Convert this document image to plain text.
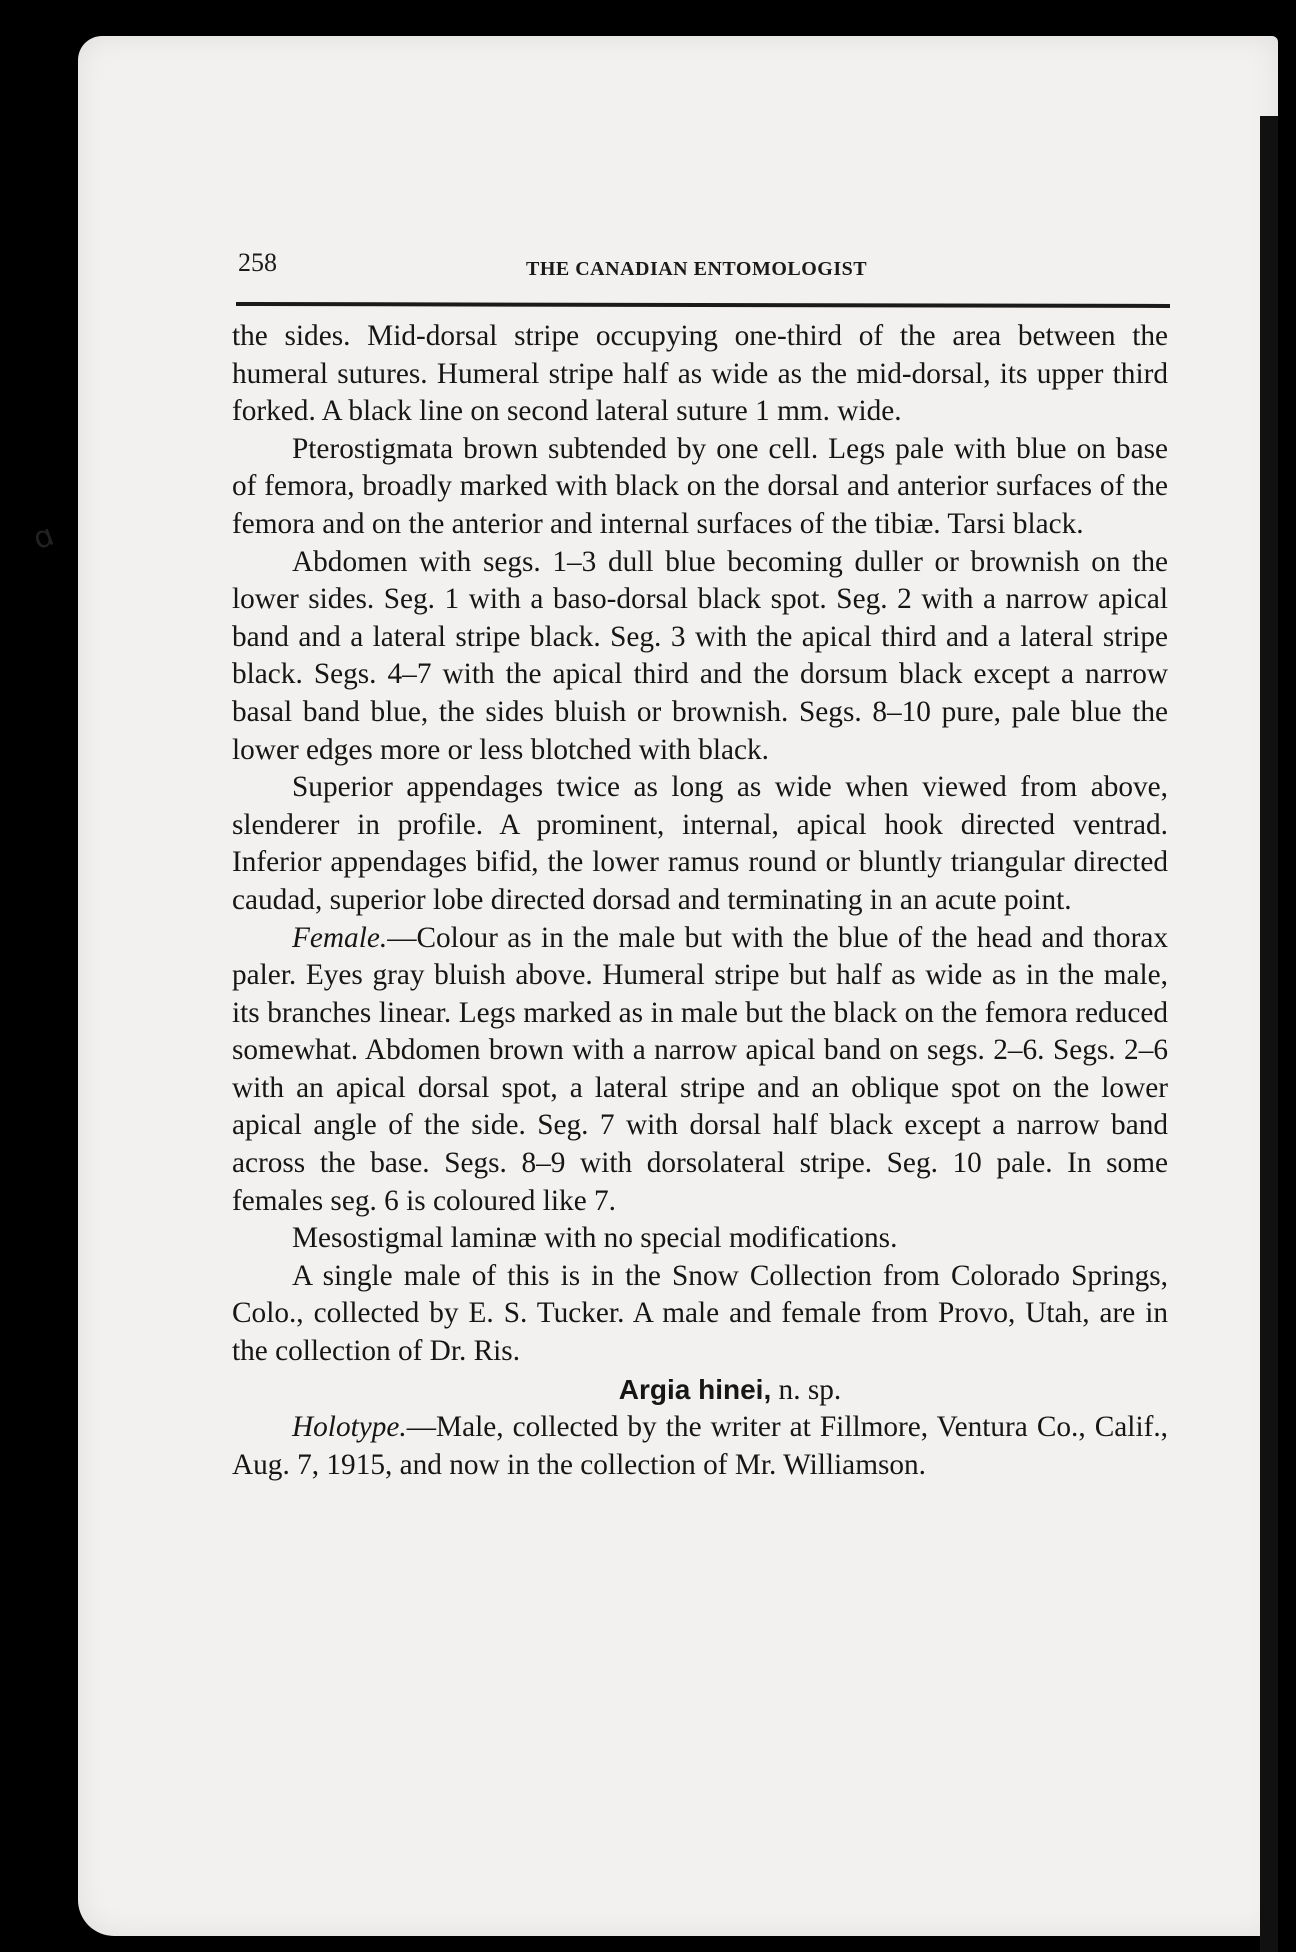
ɑ
258	THE CANADIAN ENTOMOLOGIST

the sides. Mid-dorsal stripe occupying one-third of the area between the humeral sutures. Humeral stripe half as wide as the mid-dorsal, its upper third forked. A black line on second lateral suture 1 mm. wide.

Pterostigmata brown subtended by one cell. Legs pale with blue on base of femora, broadly marked with black on the dorsal and anterior surfaces of the femora and on the anterior and internal surfaces of the tibiæ. Tarsi black.

Abdomen with segs. 1–3 dull blue becoming duller or brownish on the lower sides. Seg. 1 with a baso-dorsal black spot. Seg. 2 with a narrow apical band and a lateral stripe black. Seg. 3 with the apical third and a lateral stripe black. Segs. 4–7 with the apical third and the dorsum black except a narrow basal band blue, the sides bluish or brownish. Segs. 8–10 pure, pale blue the lower edges more or less blotched with black.

Superior appendages twice as long as wide when viewed from above, slenderer in profile. A prominent, internal, apical hook directed ventrad. Inferior appendages bifid, the lower ramus round or bluntly triangular directed caudad, superior lobe directed dorsad and terminating in an acute point.

Female.—Colour as in the male but with the blue of the head and thorax paler. Eyes gray bluish above. Humeral stripe but half as wide as in the male, its branches linear. Legs marked as in male but the black on the femora reduced somewhat. Abdomen brown with a narrow apical band on segs. 2–6. Segs. 2–6 with an apical dorsal spot, a lateral stripe and an oblique spot on the lower apical angle of the side. Seg. 7 with dorsal half black except a narrow band across the base. Segs. 8–9 with dorsolateral stripe. Seg. 10 pale. In some females seg. 6 is coloured like 7.

Mesostigmal laminæ with no special modifications.

A single male of this is in the Snow Collection from Colorado Springs, Colo., collected by E. S. Tucker. A male and female from Provo, Utah, are in the collection of Dr. Ris.

Argia hinei, n. sp.

Holotype.—Male, collected by the writer at Fillmore, Ventura Co., Calif., Aug. 7, 1915, and now in the collection of Mr. Williamson.
